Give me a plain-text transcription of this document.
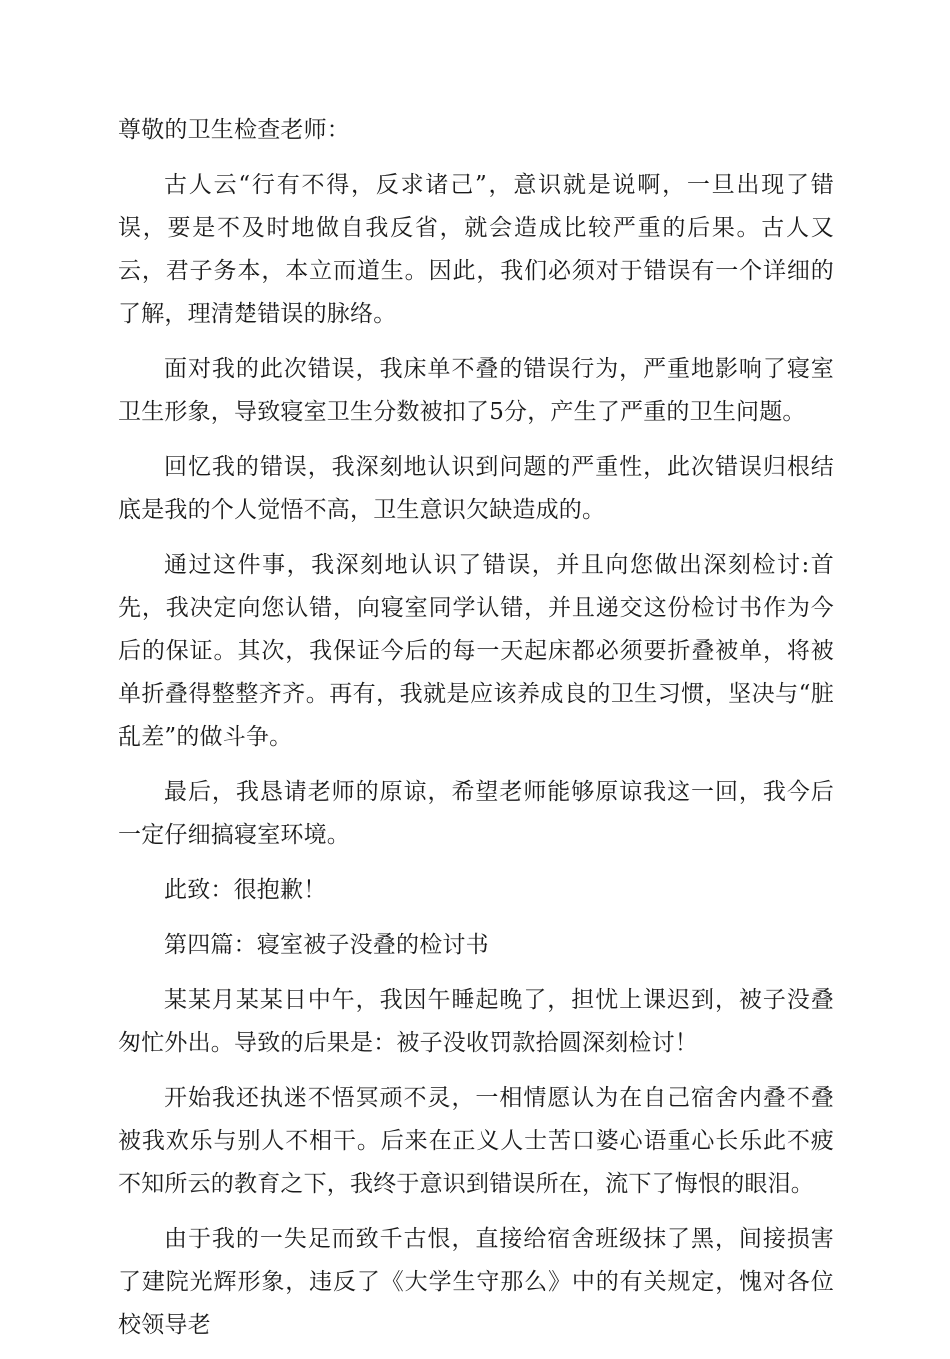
尊敬的卫生检查老师：

古人云“行有不得，反求诸己”，意识就是说啊，一旦出现了错误，要是不及时地做自我反省，就会造成比较严重的后果。古人又云，君子务本，本立而道生。因此，我们必须对于错误有一个详细的了解，理清楚错误的脉络。

面对我的此次错误，我床单不叠的错误行为，严重地影响了寝室卫生形象，导致寝室卫生分数被扣了5分，产生了严重的卫生问题。

回忆我的错误，我深刻地认识到问题的严重性，此次错误归根结底是我的个人觉悟不高，卫生意识欠缺造成的。

通过这件事，我深刻地认识了错误，并且向您做出深刻检讨:首先，我决定向您认错，向寝室同学认错，并且递交这份检讨书作为今后的保证。其次，我保证今后的每一天起床都必须要折叠被单，将被单折叠得整整齐齐。再有，我就是应该养成良的卫生习惯，坚决与“脏乱差”的做斗争。

最后，我恳请老师的原谅，希望老师能够原谅我这一回，我今后一定仔细搞寝室环境。

此致：很抱歉！

第四篇：寝室被子没叠的检讨书

某某月某某日中午，我因午睡起晚了，担忧上课迟到，被子没叠匆忙外出。导致的后果是：被子没收罚款拾圆深刻检讨！

开始我还执迷不悟冥顽不灵，一相情愿认为在自己宿舍内叠不叠被我欢乐与别人不相干。后来在正义人士苦口婆心语重心长乐此不疲不知所云的教育之下，我终于意识到错误所在，流下了悔恨的眼泪。

由于我的一失足而致千古恨，直接给宿舍班级抹了黑，间接损害了建院光辉形象，违反了《大学生守那么》中的有关规定，愧对各位校领导老
